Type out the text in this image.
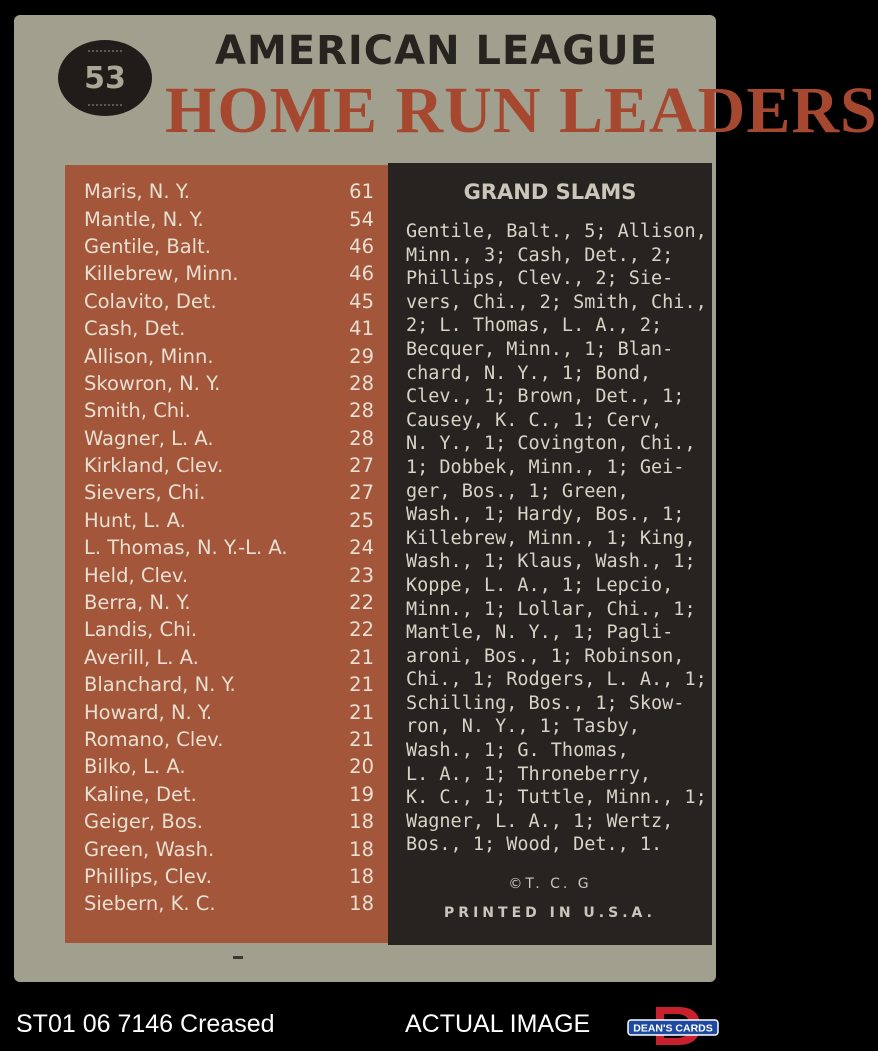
53
AMERICAN LEAGUE
HOME RUN LEADERS
Maris, N. Y.	61
Mantle, N. Y.	54
Gentile, Balt.	46
Killebrew, Minn.	46
Colavito, Det.	45
Cash, Det.	41
Allison, Minn.	29
Skowron, N. Y.	28
Smith, Chi.	28
Wagner, L. A.	28
Kirkland, Clev.	27
Sievers, Chi.	27
Hunt, L. A.	25
L. Thomas, N. Y.-L. A.	24
Held, Clev.	23
Berra, N. Y.	22
Landis, Chi.	22
Averill, L. A.	21
Blanchard, N. Y.	21
Howard, N. Y.	21
Romano, Clev.	21
Bilko, L. A.	20
Kaline, Det.	19
Geiger, Bos.	18
Green, Wash.	18
Phillips, Clev.	18
Siebern, K. C.	18
GRAND SLAMS
Gentile, Balt., 5; Allison,
Minn., 3; Cash, Det., 2;
Phillips, Clev., 2; Sie-
vers, Chi., 2; Smith, Chi.,
2; L. Thomas, L. A., 2;
Becquer, Minn., 1; Blan-
chard, N. Y., 1; Bond,
Clev., 1; Brown, Det., 1;
Causey, K. C., 1; Cerv,
N. Y., 1; Covington, Chi.,
1; Dobbek, Minn., 1; Gei-
ger, Bos., 1; Green,
Wash., 1; Hardy, Bos., 1;
Killebrew, Minn., 1; King,
Wash., 1; Klaus, Wash., 1;
Koppe, L. A., 1; Lepcio,
Minn., 1; Lollar, Chi., 1;
Mantle, N. Y., 1; Pagli-
aroni, Bos., 1; Robinson,
Chi., 1; Rodgers, L. A., 1;
Schilling, Bos., 1; Skow-
ron, N. Y., 1; Tasby,
Wash., 1; G. Thomas,
L. A., 1; Throneberry,
K. C., 1; Tuttle, Minn., 1;
Wagner, L. A., 1; Wertz,
Bos., 1; Wood, Det., 1.
©T. C. G
PRINTED IN U.S.A.
ST01 06 7146 Creased	ACTUAL IMAGE	DEAN'S CARDS
